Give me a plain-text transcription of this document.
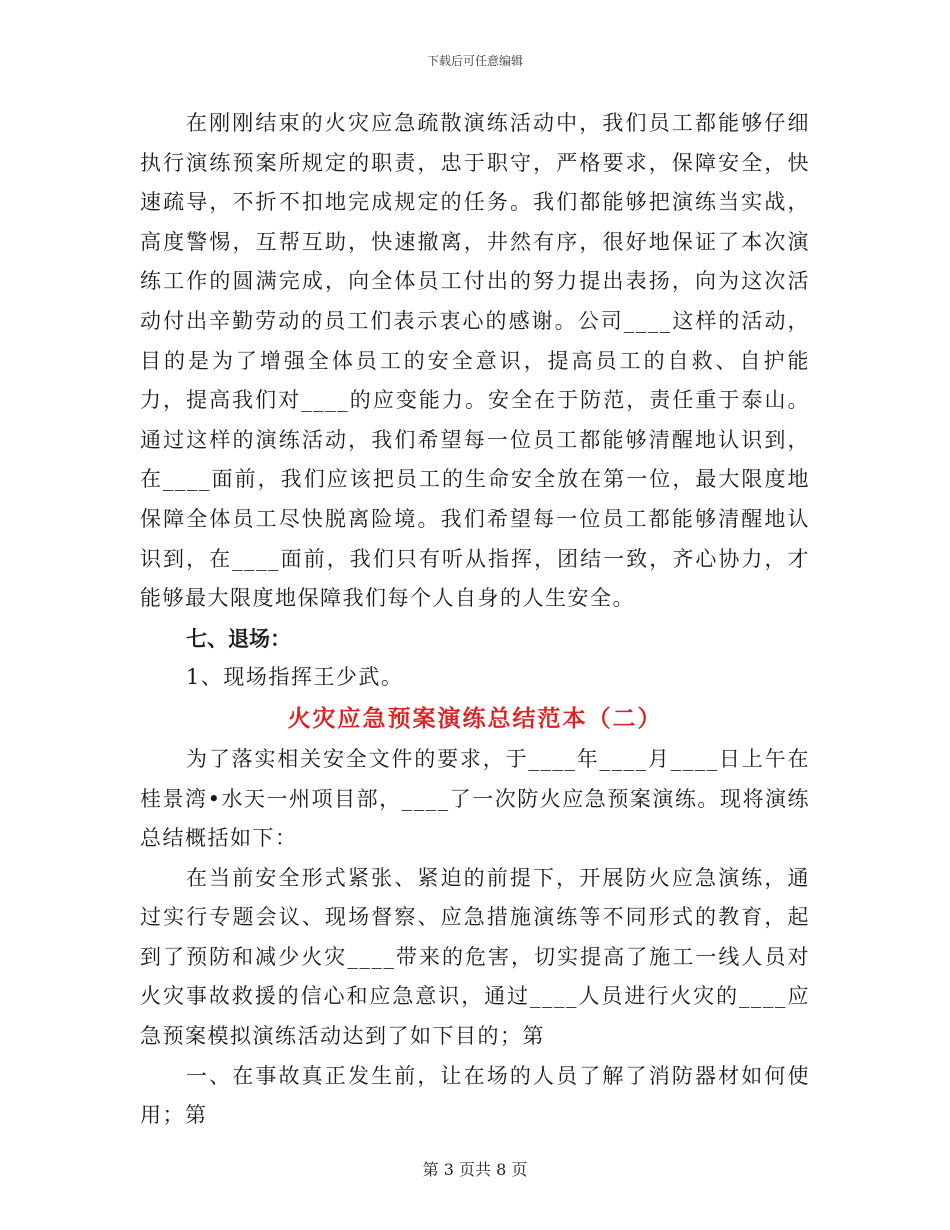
下载后可任意编辑

在刚刚结束的火灾应急疏散演练活动中，我们员工都能够仔细执行演练预案所规定的职责，忠于职守，严格要求，保障安全，快速疏导，不折不扣地完成规定的任务。我们都能够把演练当实战，高度警惕，互帮互助，快速撤离，井然有序，很好地保证了本次演练工作的圆满完成，向全体员工付出的努力提出表扬，向为这次活动付出辛勤劳动的员工们表示衷心的感谢。公司____这样的活动，目的是为了增强全体员工的安全意识，提高员工的自救、自护能力，提高我们对____的应变能力。安全在于防范，责任重于泰山。通过这样的演练活动，我们希望每一位员工都能够清醒地认识到，在____面前，我们应该把员工的生命安全放在第一位，最大限度地保障全体员工尽快脱离险境。我们希望每一位员工都能够清醒地认识到，在____面前，我们只有听从指挥，团结一致，齐心协力，才能够最大限度地保障我们每个人自身的人生安全。

七、退场：

1、现场指挥王少武。

火灾应急预案演练总结范本（二）

为了落实相关安全文件的要求，于____年____月____日上午在桂景湾•水天一州项目部，____了一次防火应急预案演练。现将演练总结概括如下：

在当前安全形式紧张、紧迫的前提下，开展防火应急演练，通过实行专题会议、现场督察、应急措施演练等不同形式的教育，起到了预防和减少火灾____带来的危害，切实提高了施工一线人员对火灾事故救援的信心和应急意识，通过____人员进行火灾的____应急预案模拟演练活动达到了如下目的；第

一、在事故真正发生前，让在场的人员了解了消防器材如何使用；第

第 3 页共 8 页
